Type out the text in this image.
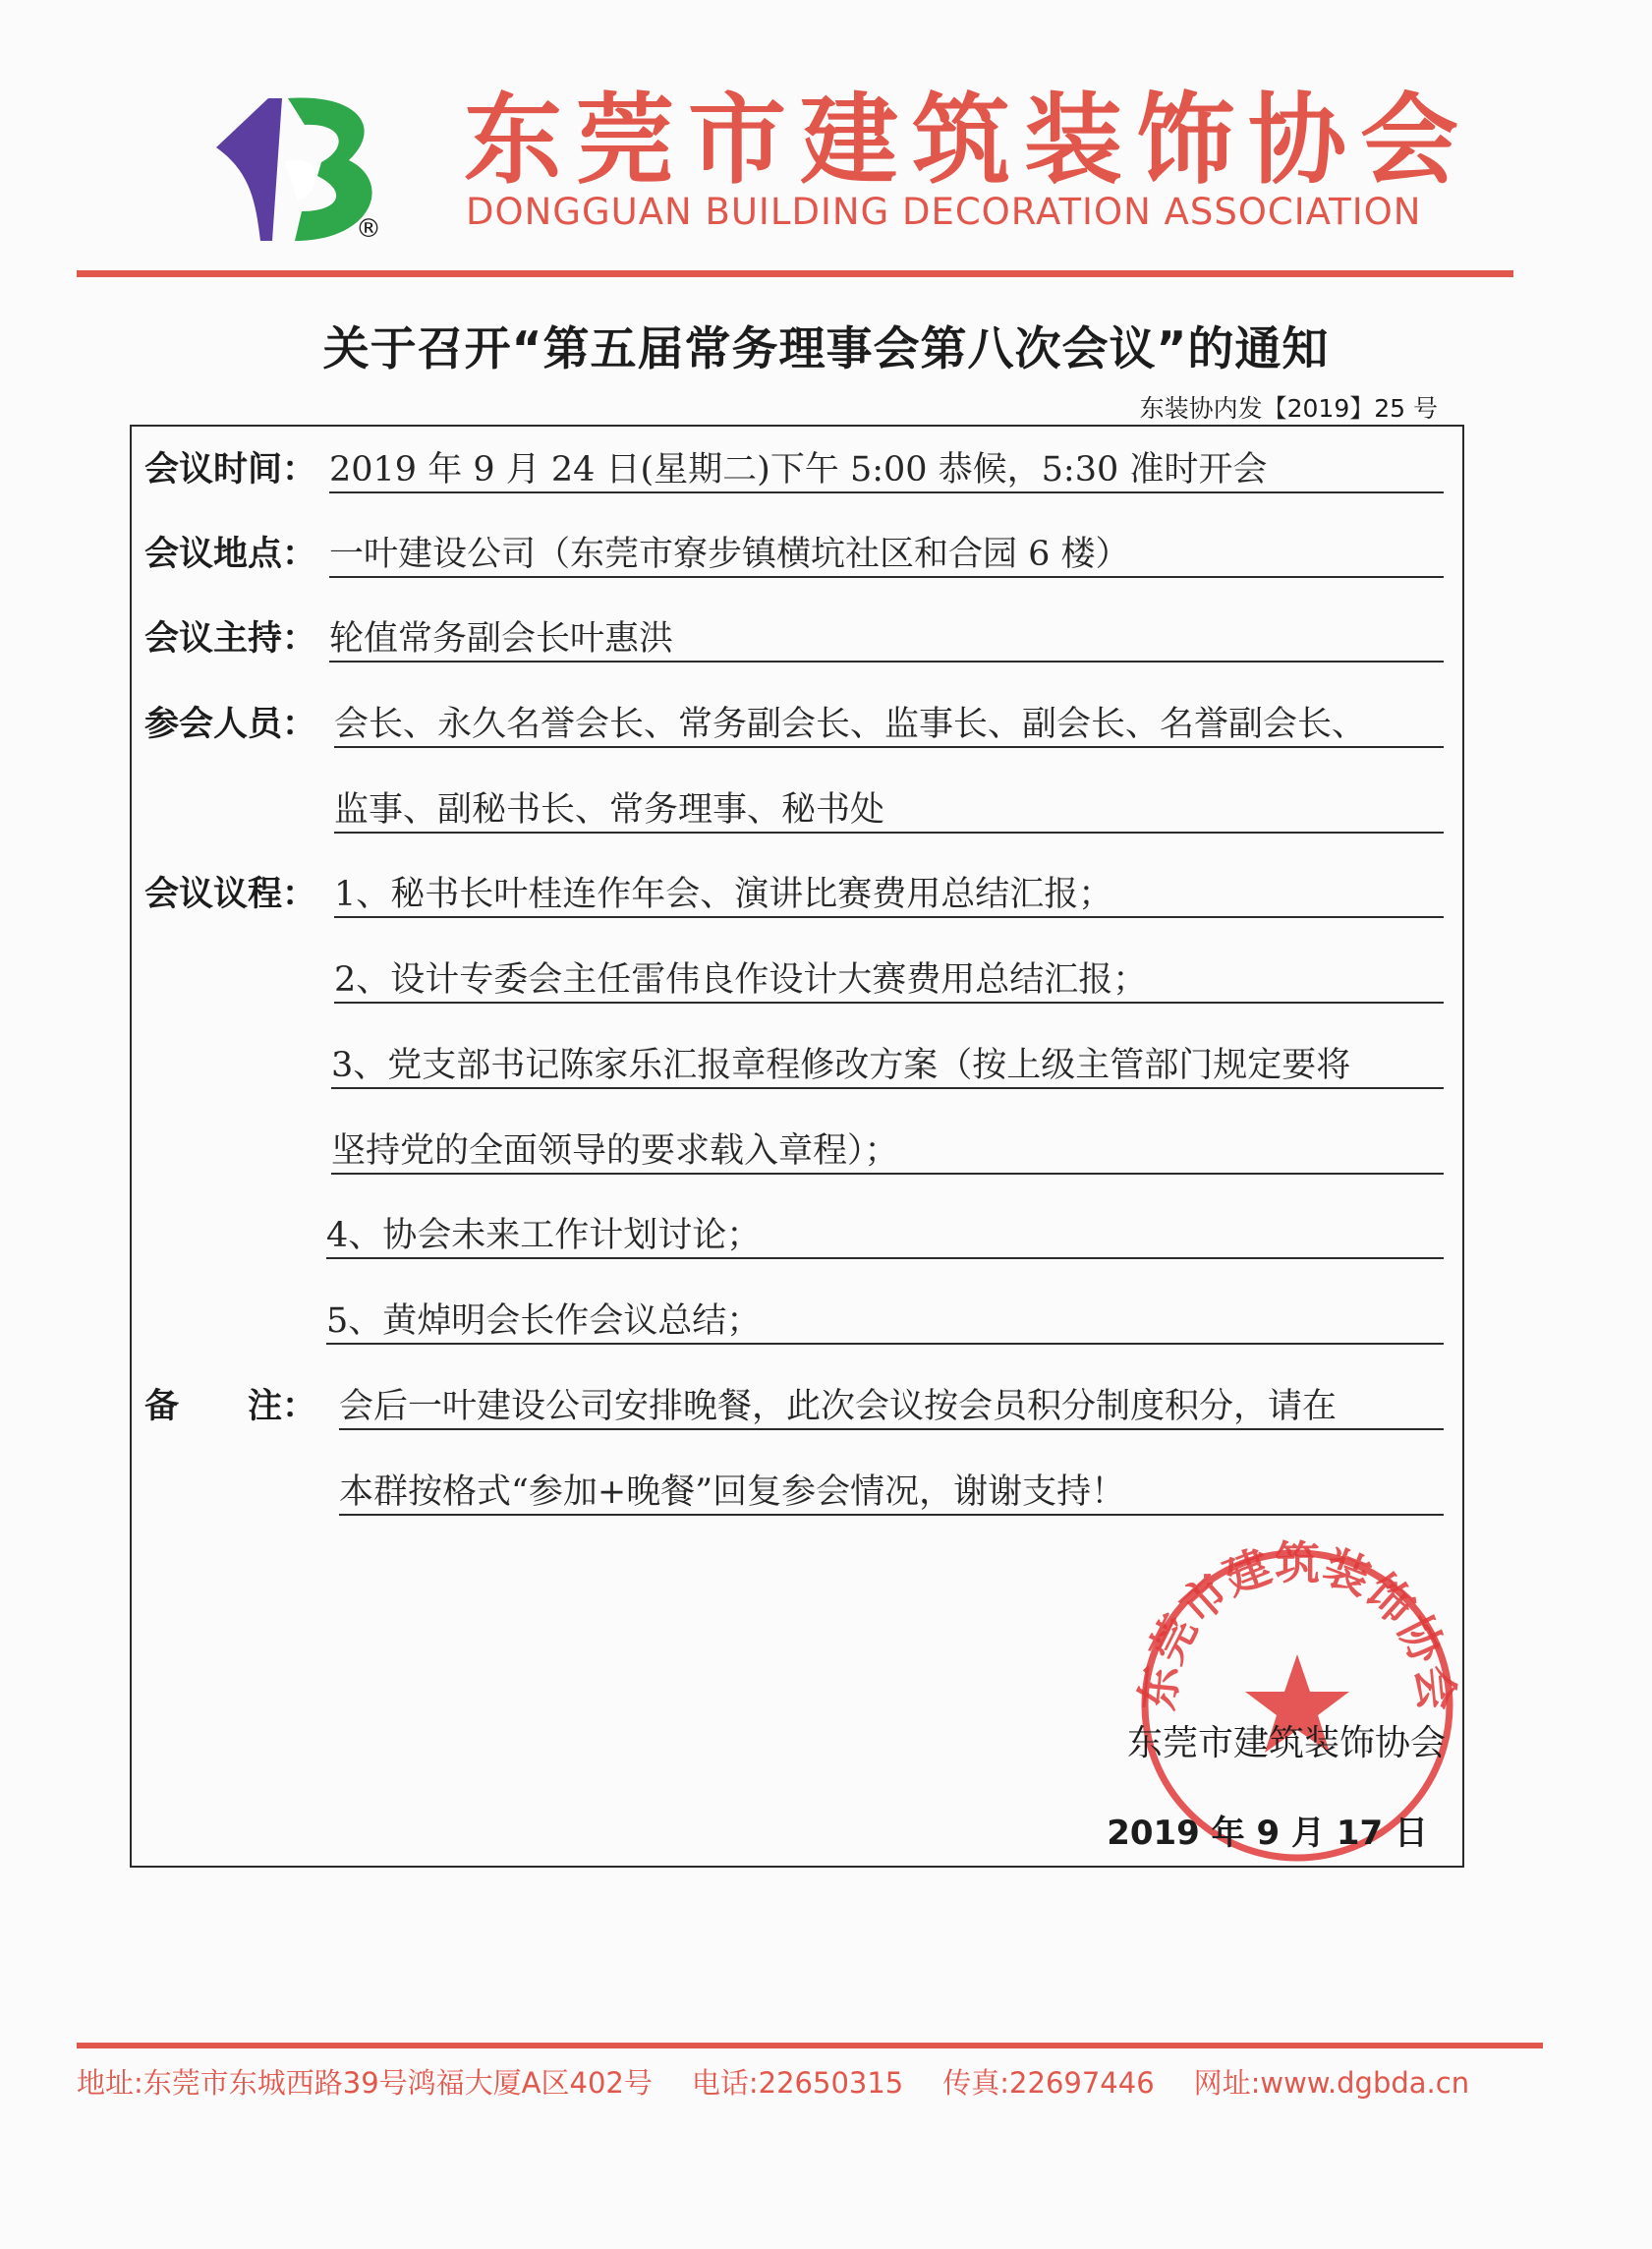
®
东莞市建筑装饰协会
DONGGUAN BUILDING DECORATION ASSOCIATION
关于召开“第五届常务理事会第八次会议”的通知
东装协内发【2019】25 号
会议时间： 2019 年 9 月 24 日(星期二)下午 5:00 恭候，5:30 准时开会
会议地点： 一叶建设公司（东莞市寮步镇横坑社区和合园 6 楼）
会议主持： 轮值常务副会长叶惠洪
参会人员： 会长、永久名誉会长、常务副会长、监事长、副会长、名誉副会长、
监事、副秘书长、常务理事、秘书处
会议议程： 1、秘书长叶桂连作年会、演讲比赛费用总结汇报；
2、设计专委会主任雷伟良作设计大赛费用总结汇报；
3、党支部书记陈家乐汇报章程修改方案（按上级主管部门规定要将
坚持党的全面领导的要求载入章程）；
4、协会未来工作计划讨论；
5、黄焯明会长作会议总结；
备　　注： 会后一叶建设公司安排晚餐，此次会议按会员积分制度积分，请在
本群按格式“参加+晚餐”回复参会情况，谢谢支持！
东莞市建筑装饰协会
东莞市建筑装饰协会
2019 年 9 月 17 日
地址:东莞市东城西路39号鸿福大厦A区402号 电话:22650315 传真:22697446 网址:www.dgbda.cn
